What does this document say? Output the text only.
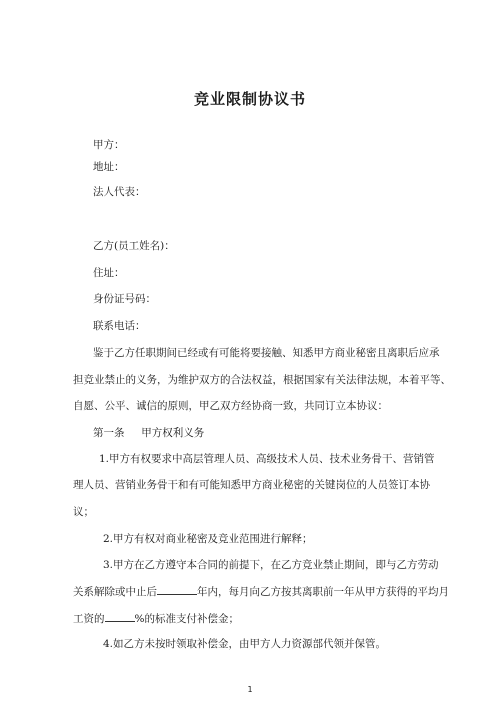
竞业限制协议书
甲方：
地址：
法人代表：
乙方(员工姓名)：
住址：
身份证号码：
联系电话：
鉴于乙方任职期间已经或有可能将要接触、知悉甲方商业秘密且离职后应承
担竞业禁止的义务，为维护双方的合法权益，根据国家有关法律法规，本着平等、
自愿、公平、诚信的原则，甲乙双方经协商一致，共同订立本协议：
第一条     甲方权利义务
1.甲方有权要求中高层管理人员、高级技术人员、技术业务骨干、营销管
理人员、营销业务骨干和有可能知悉甲方商业秘密的关键岗位的人员签订本协
议；
2.甲方有权对商业秘密及竞业范围进行解释；
3.甲方在乙方遵守本合同的前提下，在乙方竞业禁止期间，即与乙方劳动
关系解除或中止后	年内，每月向乙方按其离职前一年从甲方获得的平均月
工资的	%的标准支付补偿金；
4.如乙方未按时领取补偿金，由甲方人力资源部代领并保管。
1
